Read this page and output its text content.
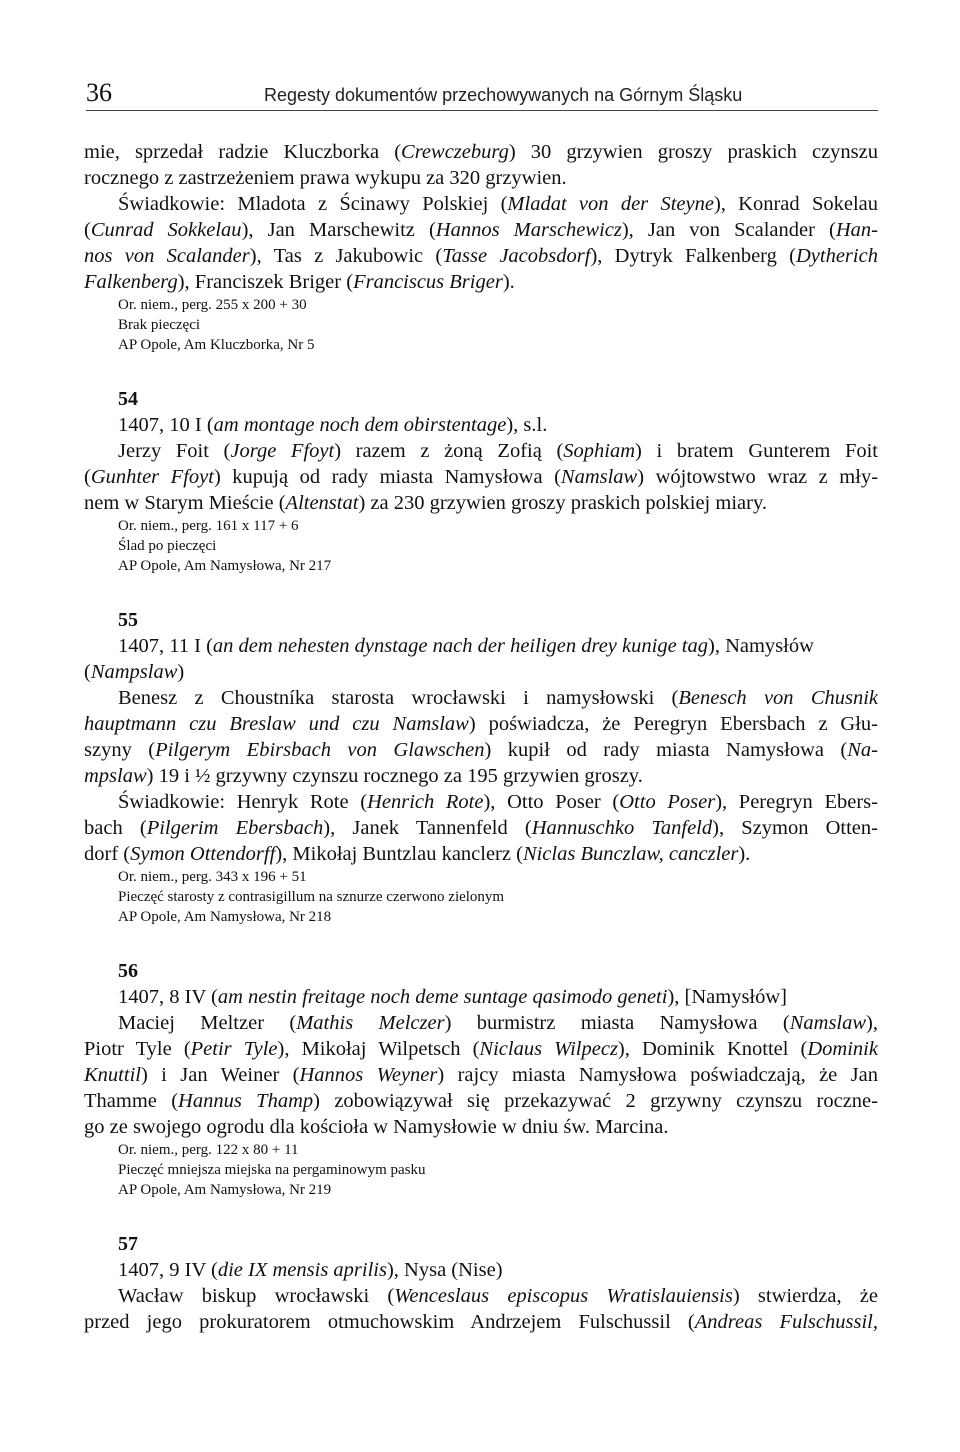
36	Regesty dokumentów przechowywanych na Górnym Śląsku
mie, sprzedał radzie Kluczborka (Crewczeburg) 30 grzywien groszy praskich czynszu
rocznego z zastrzeżeniem prawa wykupu za 320 grzywien.
Świadkowie: Mladota z Ścinawy Polskiej (Mladat von der Steyne), Konrad Sokelau
(Cunrad Sokkelau), Jan Marschewitz (Hannos Marschewicz), Jan von Scalander (Han-
nos von Scalander), Tas z Jakubowic (Tasse Jacobsdorf), Dytryk Falkenberg (Dytherich
Falkenberg), Franciszek Briger (Franciscus Briger).
Or. niem., perg. 255 x 200 + 30
Brak pieczęci
AP Opole, Am Kluczborka, Nr 5
54
1407, 10 I (am montage noch dem obirstentage), s.l.
Jerzy Foit (Jorge Ffoyt) razem z żoną Zofią (Sophiam) i bratem Gunterem Foit
(Gunhter Ffoyt) kupują od rady miasta Namysłowa (Namslaw) wójtowstwo wraz z mły-
nem w Starym Mieście (Altenstat) za 230 grzywien groszy praskich polskiej miary.
Or. niem., perg. 161 x 117 + 6
Ślad po pieczęci
AP Opole, Am Namysłowa, Nr 217
55
1407, 11 I (an dem nehesten dynstage nach der heiligen drey kunige tag), Namysłów
(Nampslaw)
Benesz z Choustníka starosta wrocławski i namysłowski (Benesch von Chusnik
hauptmann czu Breslaw und czu Namslaw) poświadcza, że Peregryn Ebersbach z Głu-
szyny (Pilgerym Ebirsbach von Glawschen) kupił od rady miasta Namysłowa (Na-
mpslaw) 19 i ½ grzywny czynszu rocznego za 195 grzywien groszy.
Świadkowie: Henryk Rote (Henrich Rote), Otto Poser (Otto Poser), Peregryn Ebers-
bach (Pilgerim Ebersbach), Janek Tannenfeld (Hannuschko Tanfeld), Szymon Otten-
dorf (Symon Ottendorff), Mikołaj Buntzlau kanclerz (Niclas Bunczlaw, canczler).
Or. niem., perg. 343 x 196 + 51
Pieczęć starosty z contrasigillum na sznurze czerwono zielonym
AP Opole, Am Namysłowa, Nr 218
56
1407, 8 IV (am nestin freitage noch deme suntage qasimodo geneti), [Namysłów]
Maciej Meltzer (Mathis Melczer) burmistrz miasta Namysłowa (Namslaw),
Piotr Tyle (Petir Tyle), Mikołaj Wilpetsch (Niclaus Wilpecz), Dominik Knottel (Dominik
Knuttil) i Jan Weiner (Hannos Weyner) rajcy miasta Namysłowa poświadczają, że Jan
Thamme (Hannus Thamp) zobowiązywał się przekazywać 2 grzywny czynszu roczne-
go ze swojego ogrodu dla kościoła w Namysłowie w dniu św. Marcina.
Or. niem., perg. 122 x 80 + 11
Pieczęć mniejsza miejska na pergaminowym pasku
AP Opole, Am Namysłowa, Nr 219
57
1407, 9 IV (die IX mensis aprilis), Nysa (Nise)
Wacław biskup wrocławski (Wenceslaus episcopus Wratislauiensis) stwierdza, że
przed jego prokuratorem otmuchowskim Andrzejem Fulschussil (Andreas Fulschussil,
